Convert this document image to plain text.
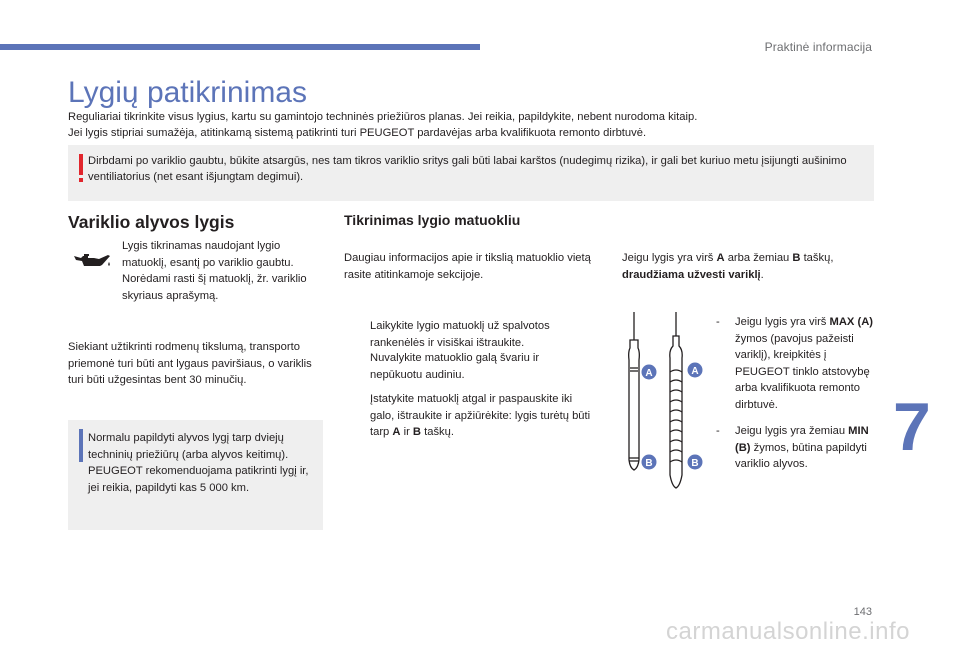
Praktinė informacija
Lygių patikrinimas
Reguliariai tikrinkite visus lygius, kartu su gamintojo techninės priežiūros planas. Jei reikia, papildykite, nebent nurodoma kitaip.
Jei lygis stipriai sumažėja, atitinkamą sistemą patikrinti turi PEUGEOT pardavėjas arba kvalifikuota remonto dirbtuvė.
Dirbdami po variklio gaubtu, būkite atsargūs, nes tam tikros variklio sritys gali būti labai karštos (nudegimų rizika), ir gali bet kuriuo metu įsijungti aušinimo ventiliatorius (net esant išjungtam degimui).
Variklio alyvos lygis
Lygis tikrinamas naudojant lygio matuoklį, esantį po variklio gaubtu. Norėdami rasti šį matuoklį, žr. variklio skyriaus aprašymą.
Siekiant užtikrinti rodmenų tikslumą, transporto priemonė turi būti ant lygaus paviršiaus, o variklis turi būti užgesintas bent 30 minučių.
Normalu papildyti alyvos lygį tarp dviejų techninių priežiūrų (arba alyvos keitimų). PEUGEOT rekomenduojama patikrinti lygį ir, jei reikia, papildyti kas 5 000 km.
Tikrinimas lygio matuokliu
Daugiau informacijos apie ir tikslią matuoklio vietą rasite atitinkamoje sekcijoje.
Laikykite lygio matuoklį už spalvotos rankenėlės ir visiškai ištraukite.
Nuvalykite matuoklio galą švariu ir nepūkuotu audiniu.
Įstatykite matuoklį atgal ir paspauskite iki galo, ištraukite ir apžiūrėkite: lygis turėtų būti tarp A ir B taškų.
Jeigu lygis yra virš A arba žemiau B taškų, draudžiama užvesti variklį.
A	A
B	B
- Jeigu lygis yra virš MAX (A) žymos (pavojus pažeisti variklį), kreipkitės į PEUGEOT tinklo atstovybę arba kvalifikuota remonto dirbtuvė.
- Jeigu lygis yra žemiau MIN (B) žymos, būtina papildyti variklio alyvos.	7
143
carmanualsonline.info
